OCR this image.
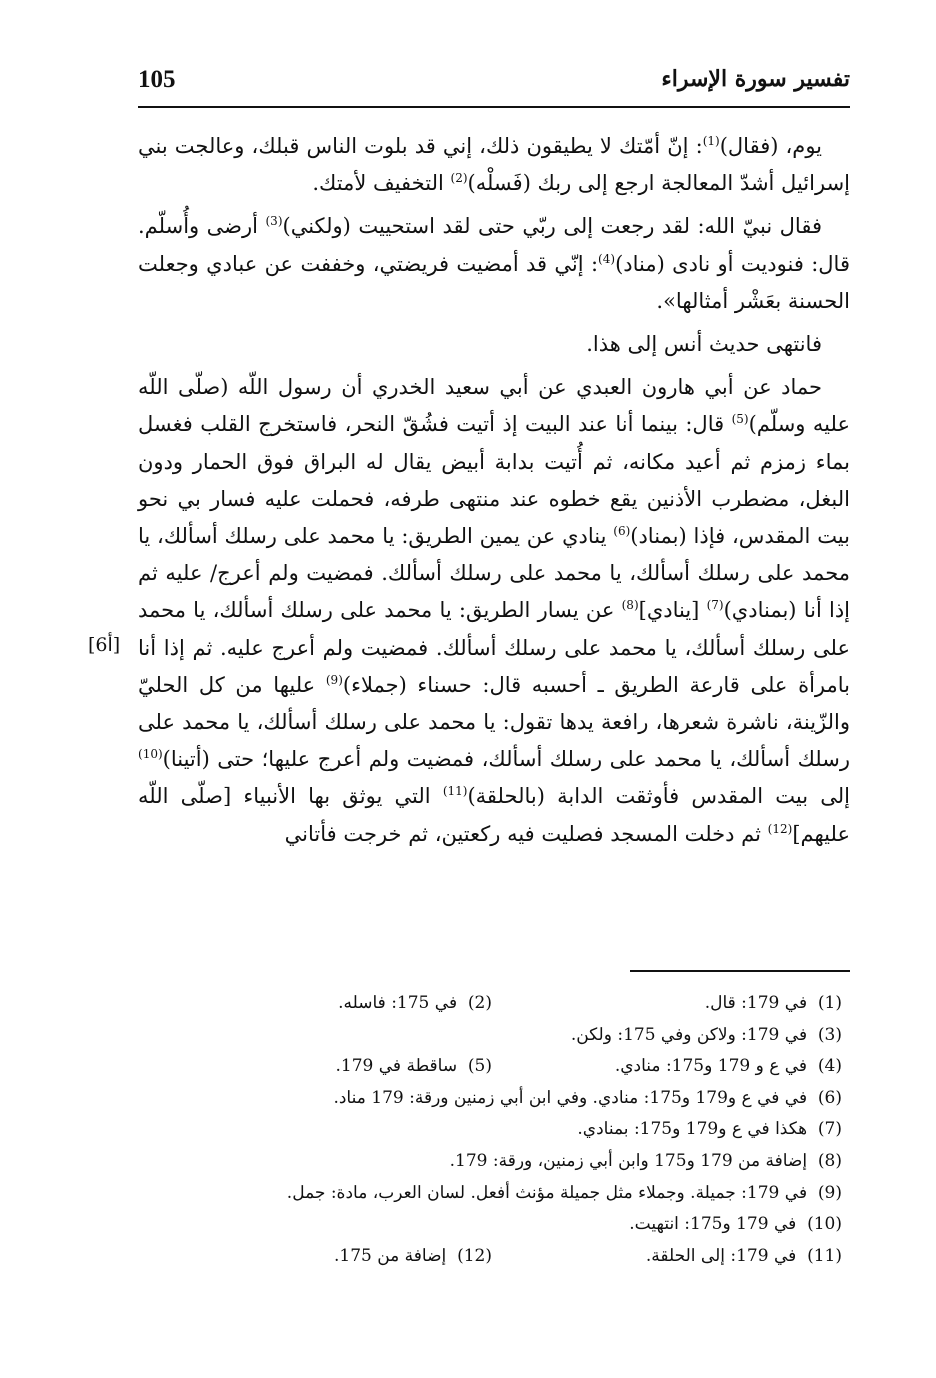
105	تفسير سورة الإسراء
[أ6]

يوم، (فقال)$^{(1)}$: إنّ أمّتك لا يطيقون ذلك، إني قد بلوت الناس قبلك، وعالجت بني إسرائيل أشدّ المعالجة ارجع إلى ربك (فَسلْه)$^{(2)}$ التخفيف لأمتك.

فقال نبيّ الله: لقد رجعت إلى ربّي حتى لقد استحييت (ولكني)$^{(3)}$ أرضى وأُسلّم. قال: فنوديت أو نادى (مناد)$^{(4)}$: إنّي قد أمضيت فريضتي، وخففت عن عبادي وجعلت الحسنة بعَشْر أمثالها».

فانتهى حديث أنس إلى هذا.

حماد عن أبي هارون العبدي عن أبي سعيد الخدري أن رسول اللّه (صلّى اللّه عليه وسلّم)$^{(5)}$ قال: بينما أنا عند البيت إذ أتيت فشُقّ النحر، فاستخرج القلب فغسل بماء زمزم ثم أعيد مكانه، ثم أُتيت بدابة أبيض يقال له البراق فوق الحمار ودون البغل، مضطرب الأذنين يقع خطوه عند منتهى طرفه، فحملت عليه فسار بي نحو بيت المقدس، فإذا (بمناد)$^{(6)}$ ينادي عن يمين الطريق: يا محمد على رسلك أسألك، يا محمد على رسلك أسألك، يا محمد على رسلك أسألك. فمضيت ولم أعرج/ عليه ثم إذا أنا (بمنادي)$^{(7)}$ [ينادي]$^{(8)}$ عن يسار الطريق: يا محمد على رسلك أسألك، يا محمد على رسلك أسألك، يا محمد على رسلك أسألك. فمضيت ولم أعرج عليه. ثم إذا أنا بامرأة على قارعة الطريق ـ أحسبه قال: حسناء (جملاء)$^{(9)}$ عليها من كل الحليّ والزّينة، ناشرة شعرها، رافعة يدها تقول: يا محمد على رسلك أسألك، يا محمد على رسلك أسألك، يا محمد على رسلك أسألك، فمضيت ولم أعرج عليها؛ حتى (أتينا)$^{(10)}$ إلى بيت المقدس فأوثقت الدابة (بالحلقة)$^{(11)}$ التي يوثق بها الأنبياء [صلّى اللّه عليهم]$^{(12)}$ ثم دخلت المسجد فصليت فيه ركعتين، ثم خرجت فأتاني

(1)  في 179: قال.
(2)  في 175: فاسله.
(3)  في 179: ولاكن وفي 175: ولكن.
(4)  في ع و 179 و175: منادي.
(5)  ساقطة في 179.
(6)  في في ع و179 و175: منادي. وفي ابن أبي زمنين ورقة: 179 مناد.
(7)  هكذا في ع و179 و175: بمنادي.
(8)  إضافة من 179 و175 وابن أبي زمنين، ورقة: 179.
(9)  في 179: جميلة. وجملاء مثل جميلة مؤنث أفعل. لسان العرب، مادة: جمل.
(10)  في 179 و175: انتهيت.
(11)  في 179: إلى الحلقة.
(12)  إضافة من 175.
